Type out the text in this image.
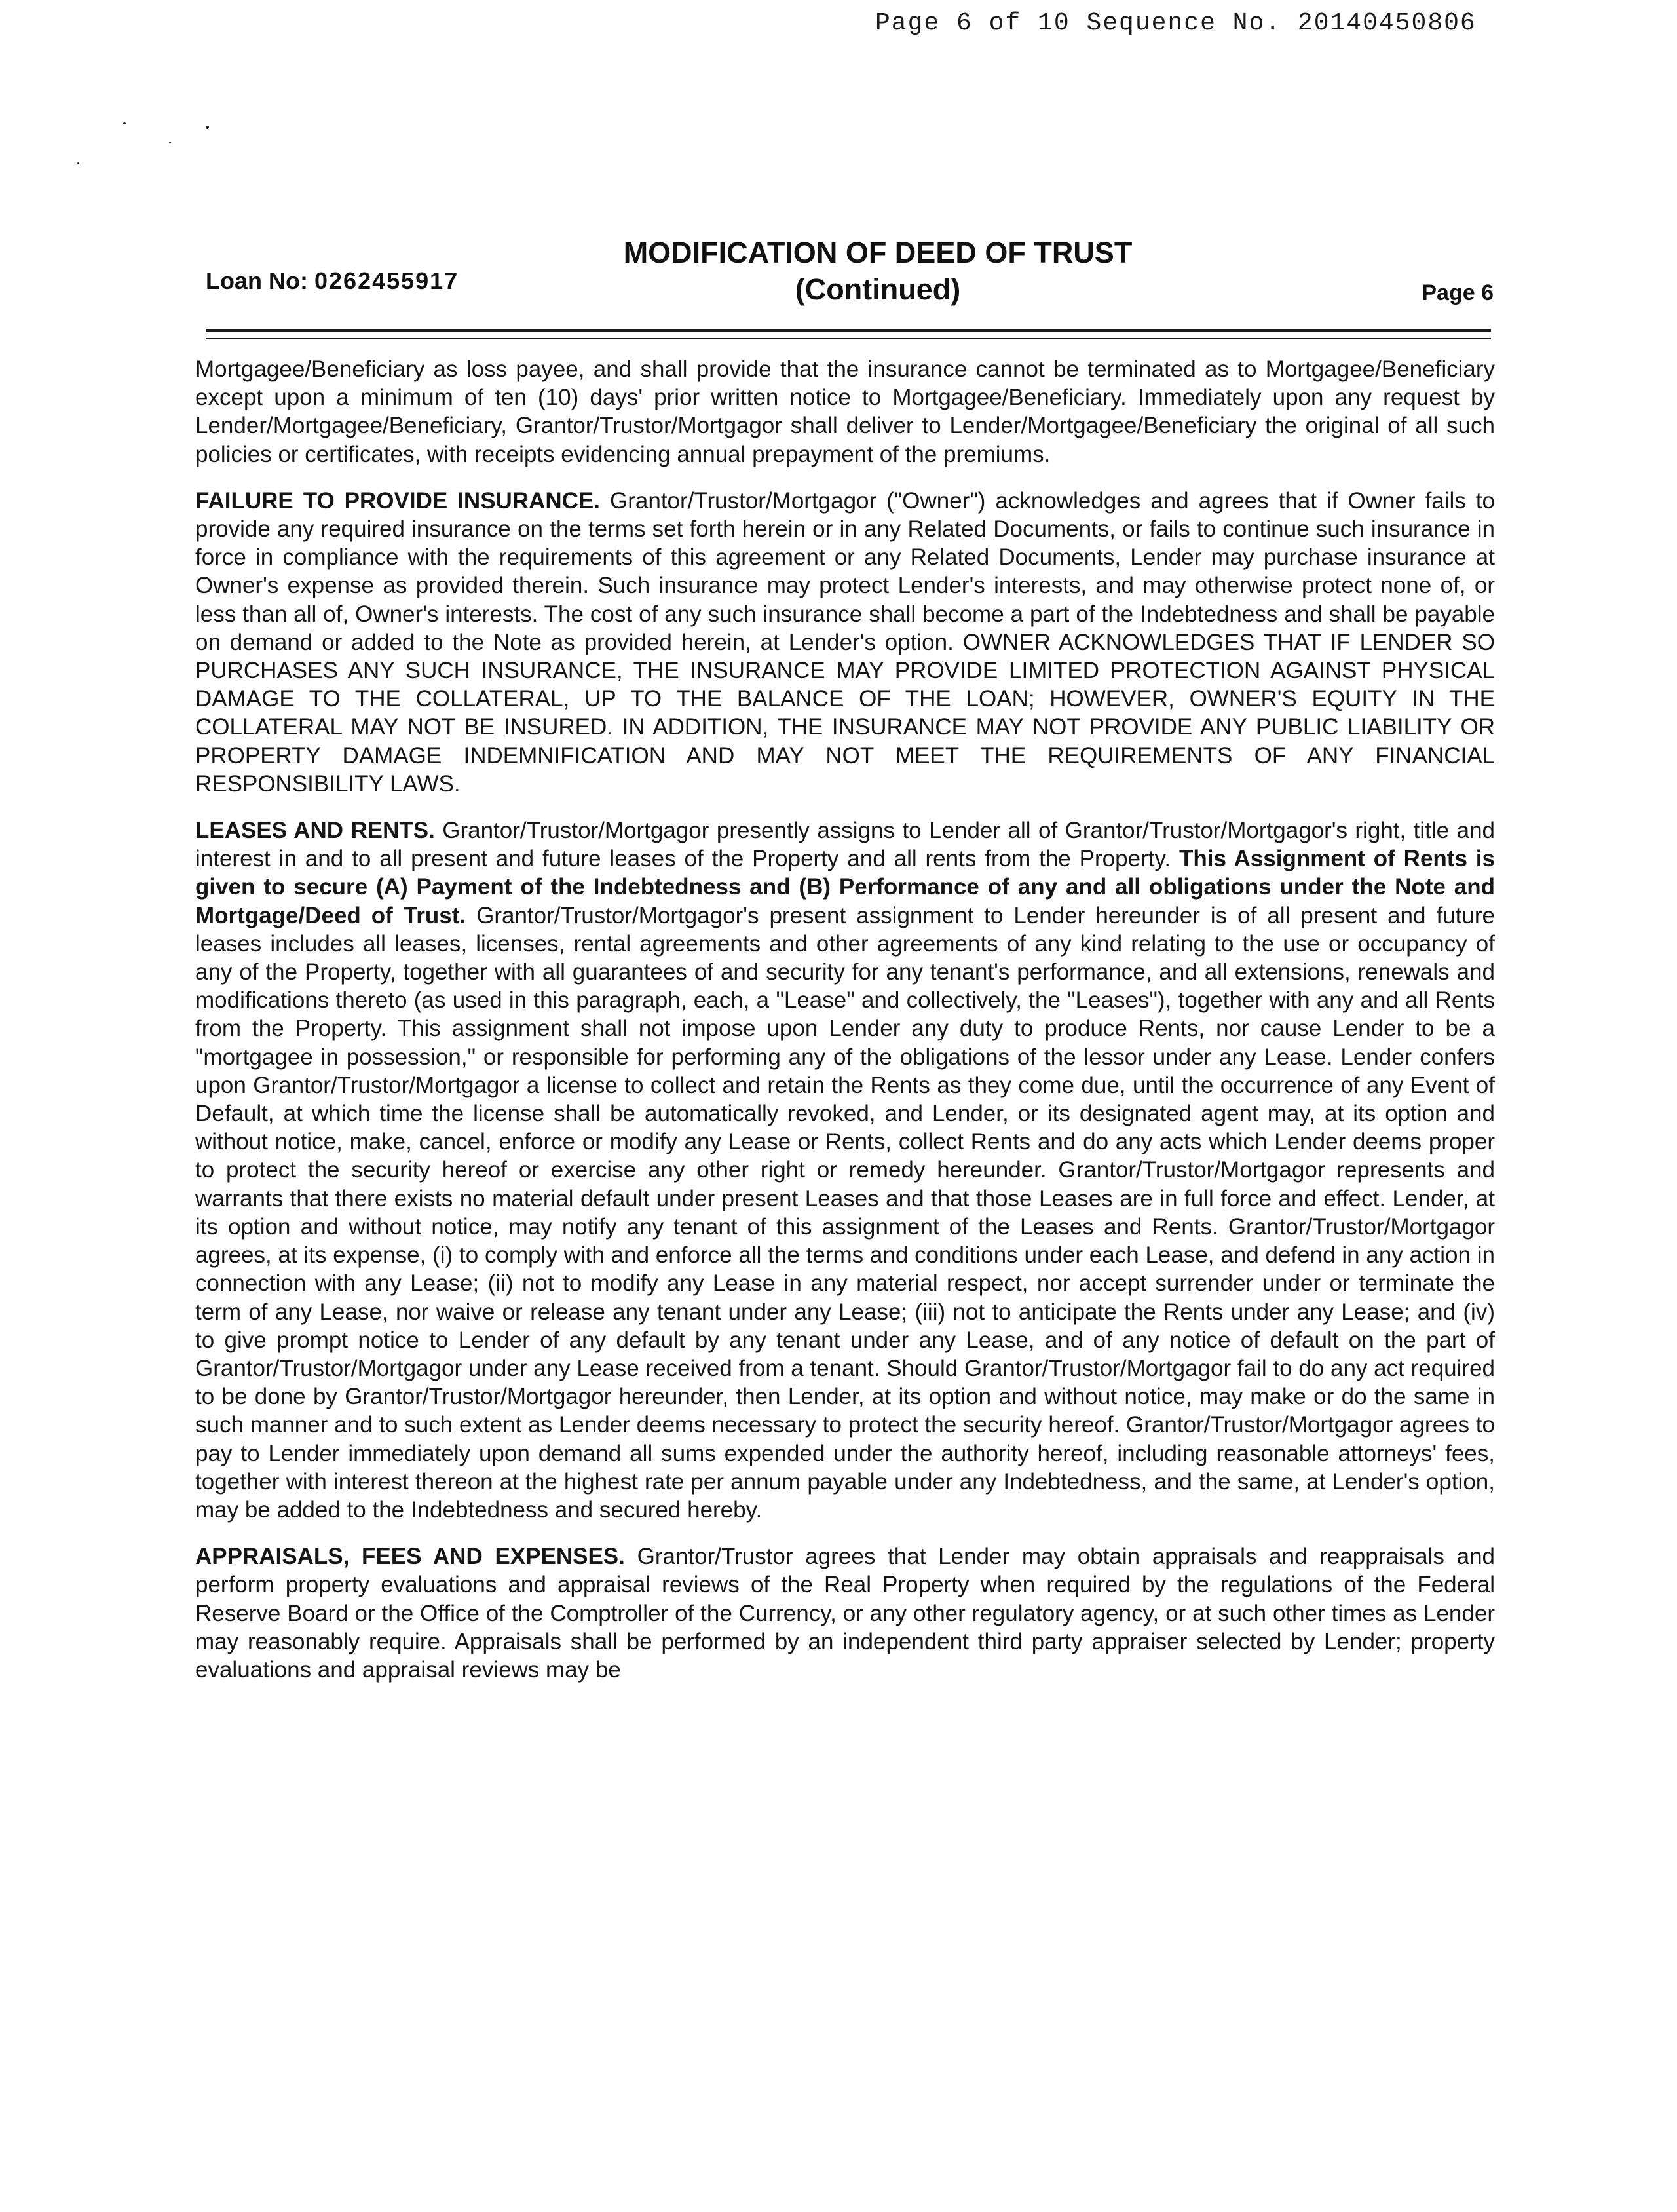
Page 6 of 10 Sequence No. 20140450806
MODIFICATION OF DEED OF TRUST
(Continued)
Loan No: 0262455917	Page 6

Mortgagee/Beneficiary as loss payee, and shall provide that the insurance cannot be terminated as to Mortgagee/Beneficiary except upon a minimum of ten (10) days' prior written notice to Mortgagee/Beneficiary. Immediately upon any request by Lender/Mortgagee/Beneficiary, Grantor/Trustor/Mortgagor shall deliver to Lender/Mortgagee/Beneficiary the original of all such policies or certificates, with receipts evidencing annual prepayment of the premiums.

FAILURE TO PROVIDE INSURANCE. Grantor/Trustor/Mortgagor ("Owner") acknowledges and agrees that if Owner fails to provide any required insurance on the terms set forth herein or in any Related Documents, or fails to continue such insurance in force in compliance with the requirements of this agreement or any Related Documents, Lender may purchase insurance at Owner's expense as provided therein. Such insurance may protect Lender's interests, and may otherwise protect none of, or less than all of, Owner's interests. The cost of any such insurance shall become a part of the Indebtedness and shall be payable on demand or added to the Note as provided herein, at Lender's option. OWNER ACKNOWLEDGES THAT IF LENDER SO PURCHASES ANY SUCH INSURANCE, THE INSURANCE MAY PROVIDE LIMITED PROTECTION AGAINST PHYSICAL DAMAGE TO THE COLLATERAL, UP TO THE BALANCE OF THE LOAN; HOWEVER, OWNER'S EQUITY IN THE COLLATERAL MAY NOT BE INSURED. IN ADDITION, THE INSURANCE MAY NOT PROVIDE ANY PUBLIC LIABILITY OR PROPERTY DAMAGE INDEMNIFICATION AND MAY NOT MEET THE REQUIREMENTS OF ANY FINANCIAL RESPONSIBILITY LAWS.

LEASES AND RENTS. Grantor/Trustor/Mortgagor presently assigns to Lender all of Grantor/Trustor/Mortgagor's right, title and interest in and to all present and future leases of the Property and all rents from the Property. This Assignment of Rents is given to secure (A) Payment of the Indebtedness and (B) Performance of any and all obligations under the Note and Mortgage/Deed of Trust. Grantor/Trustor/Mortgagor's present assignment to Lender hereunder is of all present and future leases includes all leases, licenses, rental agreements and other agreements of any kind relating to the use or occupancy of any of the Property, together with all guarantees of and security for any tenant's performance, and all extensions, renewals and modifications thereto (as used in this paragraph, each, a "Lease" and collectively, the "Leases"), together with any and all Rents from the Property. This assignment shall not impose upon Lender any duty to produce Rents, nor cause Lender to be a "mortgagee in possession," or responsible for performing any of the obligations of the lessor under any Lease. Lender confers upon Grantor/Trustor/Mortgagor a license to collect and retain the Rents as they come due, until the occurrence of any Event of Default, at which time the license shall be automatically revoked, and Lender, or its designated agent may, at its option and without notice, make, cancel, enforce or modify any Lease or Rents, collect Rents and do any acts which Lender deems proper to protect the security hereof or exercise any other right or remedy hereunder. Grantor/Trustor/Mortgagor represents and warrants that there exists no material default under present Leases and that those Leases are in full force and effect. Lender, at its option and without notice, may notify any tenant of this assignment of the Leases and Rents. Grantor/Trustor/Mortgagor agrees, at its expense, (i) to comply with and enforce all the terms and conditions under each Lease, and defend in any action in connection with any Lease; (ii) not to modify any Lease in any material respect, nor accept surrender under or terminate the term of any Lease, nor waive or release any tenant under any Lease; (iii) not to anticipate the Rents under any Lease; and (iv) to give prompt notice to Lender of any default by any tenant under any Lease, and of any notice of default on the part of Grantor/Trustor/Mortgagor under any Lease received from a tenant. Should Grantor/Trustor/Mortgagor fail to do any act required to be done by Grantor/Trustor/Mortgagor hereunder, then Lender, at its option and without notice, may make or do the same in such manner and to such extent as Lender deems necessary to protect the security hereof. Grantor/Trustor/Mortgagor agrees to pay to Lender immediately upon demand all sums expended under the authority hereof, including reasonable attorneys' fees, together with interest thereon at the highest rate per annum payable under any Indebtedness, and the same, at Lender's option, may be added to the Indebtedness and secured hereby.

APPRAISALS, FEES AND EXPENSES. Grantor/Trustor agrees that Lender may obtain appraisals and reappraisals and perform property evaluations and appraisal reviews of the Real Property when required by the regulations of the Federal Reserve Board or the Office of the Comptroller of the Currency, or any other regulatory agency, or at such other times as Lender may reasonably require. Appraisals shall be performed by an independent third party appraiser selected by Lender; property evaluations and appraisal reviews may be
